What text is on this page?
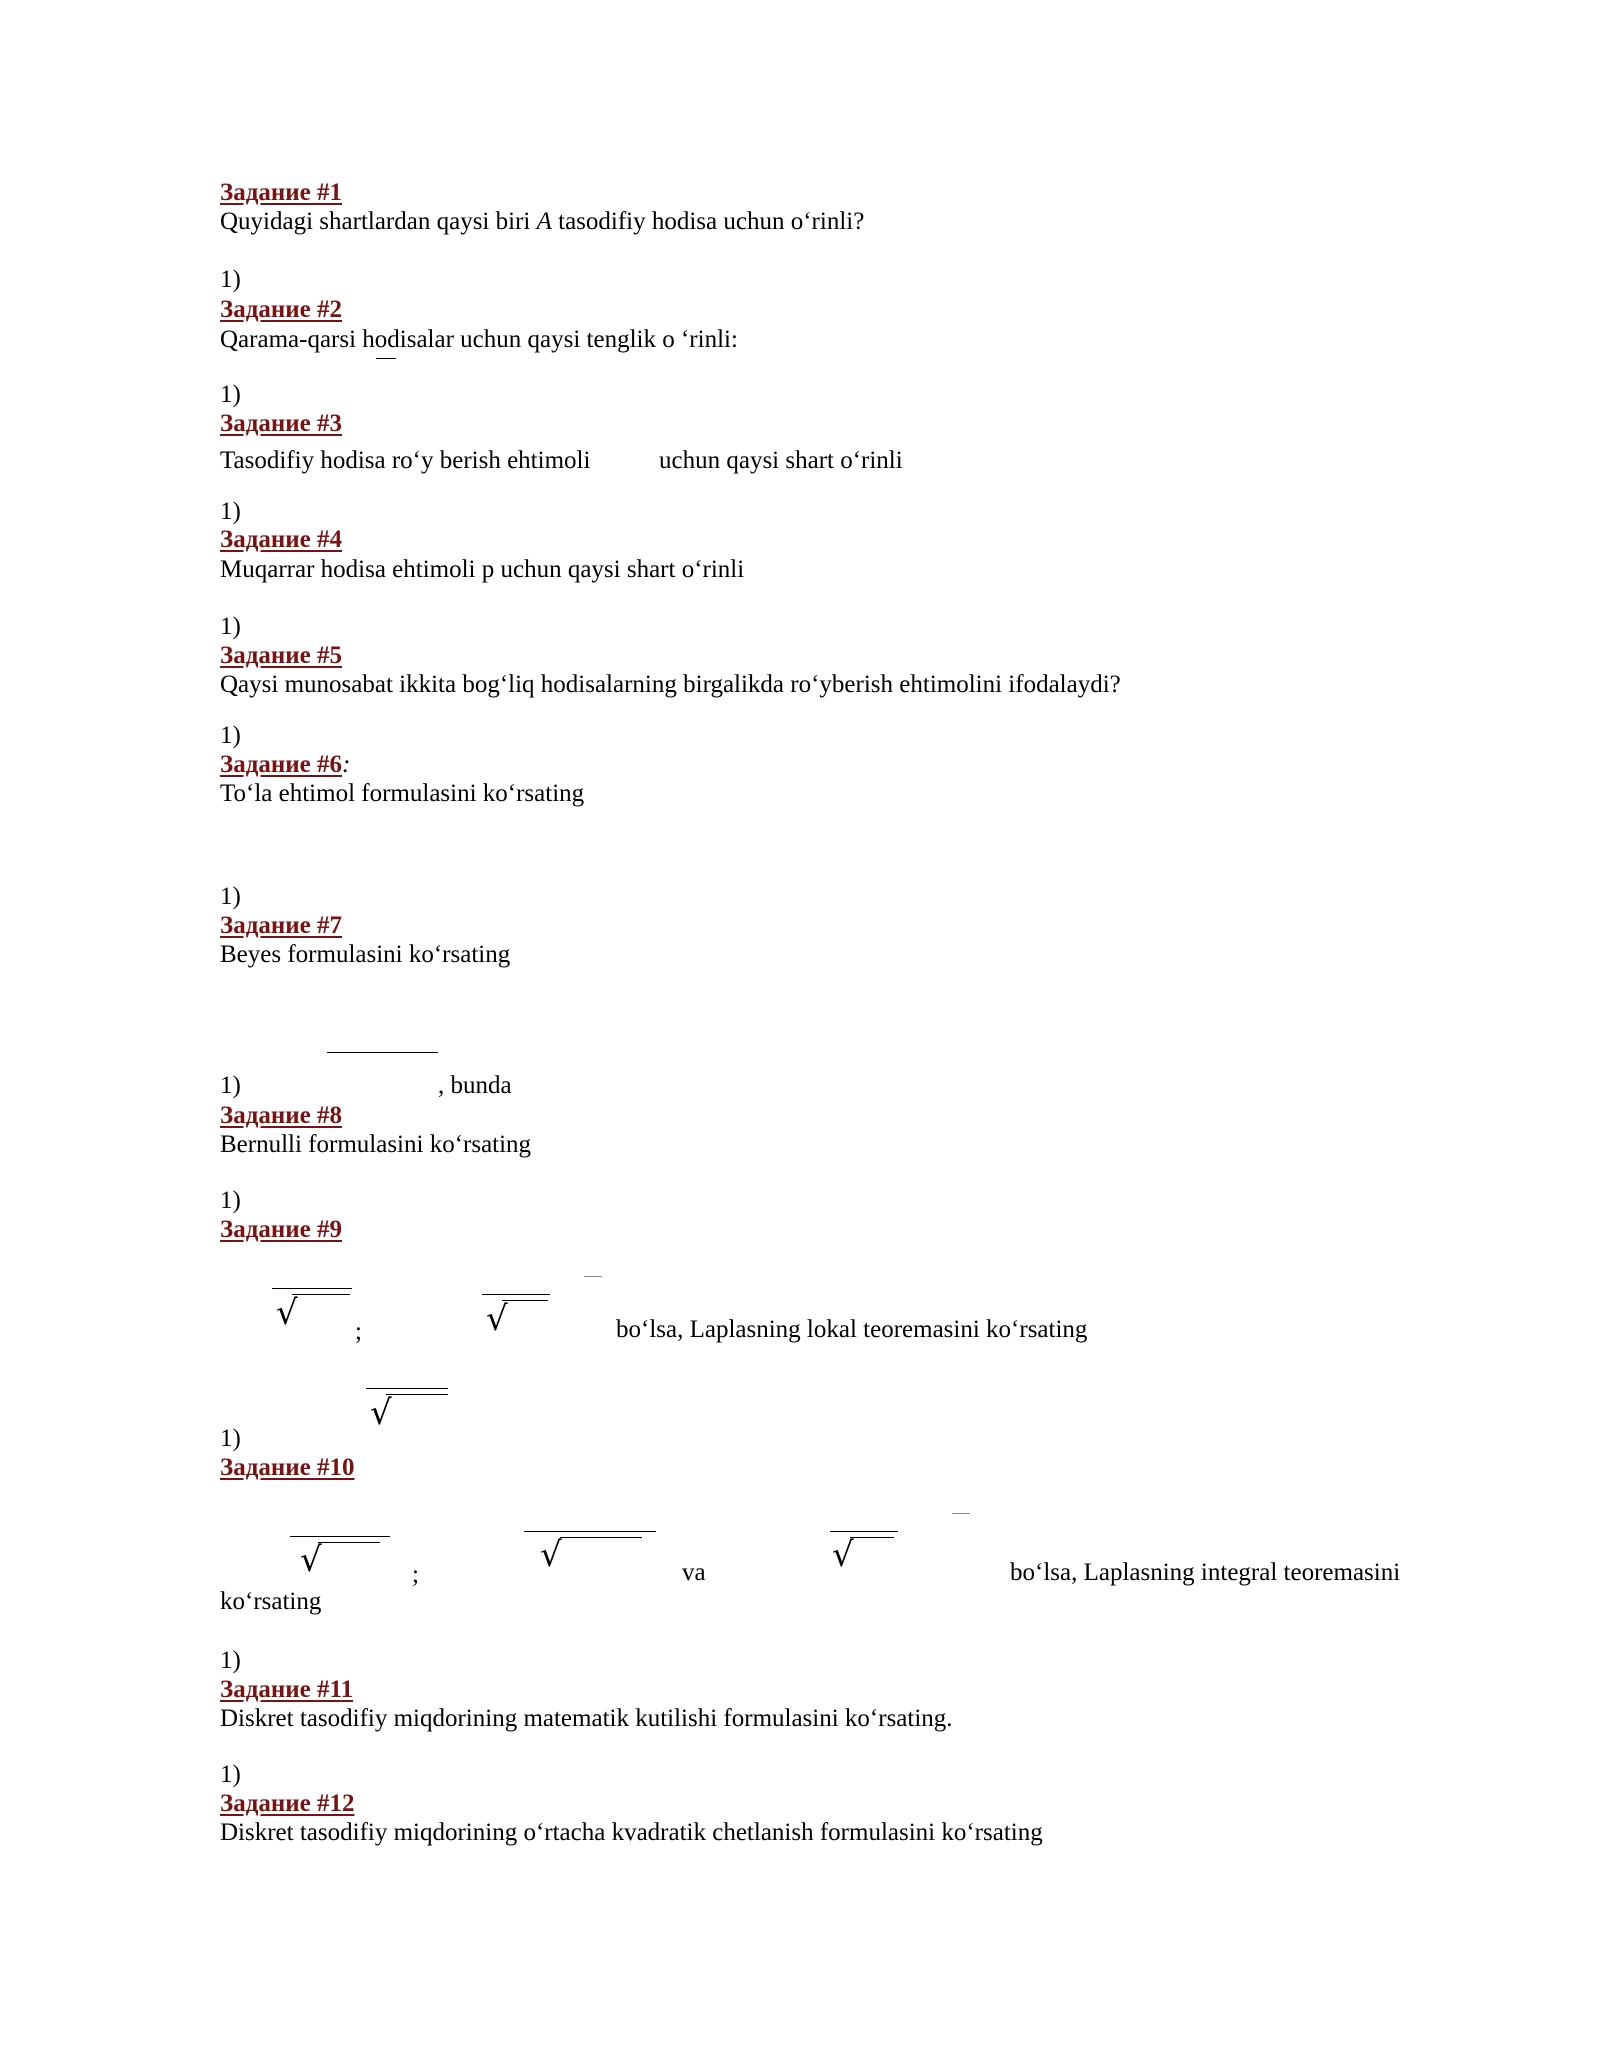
Задание #1
Quyidagi shartlardan qaysi biri A tasodifiy hodisa uchun o‘rinli?
1)
Задание #2
Qarama-qarsi hodisalar uchun qaysi tenglik o ‘rinli:
1)
Задание #3
Tasodifiy hodisa ro‘y berish ehtimoli	uchun qaysi shart o‘rinli
1)
Задание #4
Muqarrar hodisa ehtimoli p uchun qaysi shart o‘rinli
1)
Задание #5
Qaysi munosabat ikkita bog‘liq hodisalarning birgalikda ro‘yberish ehtimolini ifodalaydi?
1)
Задание #6:
To‘la ehtimol formulasini ko‘rsating
1)
Задание #7
Beyes formulasini ko‘rsating
1)	, bunda
Задание #8
Bernulli formulasini ko‘rsating
1)
Задание #9
√	√
;	bo‘lsa, Laplasning lokal teoremasini ko‘rsating
√
1)
Задание #10
√	√	√
;	va	bo‘lsa, Laplasning integral teoremasini
ko‘rsating
1)
Задание #11
Diskret tasodifiy miqdorining matematik kutilishi formulasini ko‘rsating.
1)
Задание #12
Diskret tasodifiy miqdorining o‘rtacha kvadratik chetlanish formulasini ko‘rsating
